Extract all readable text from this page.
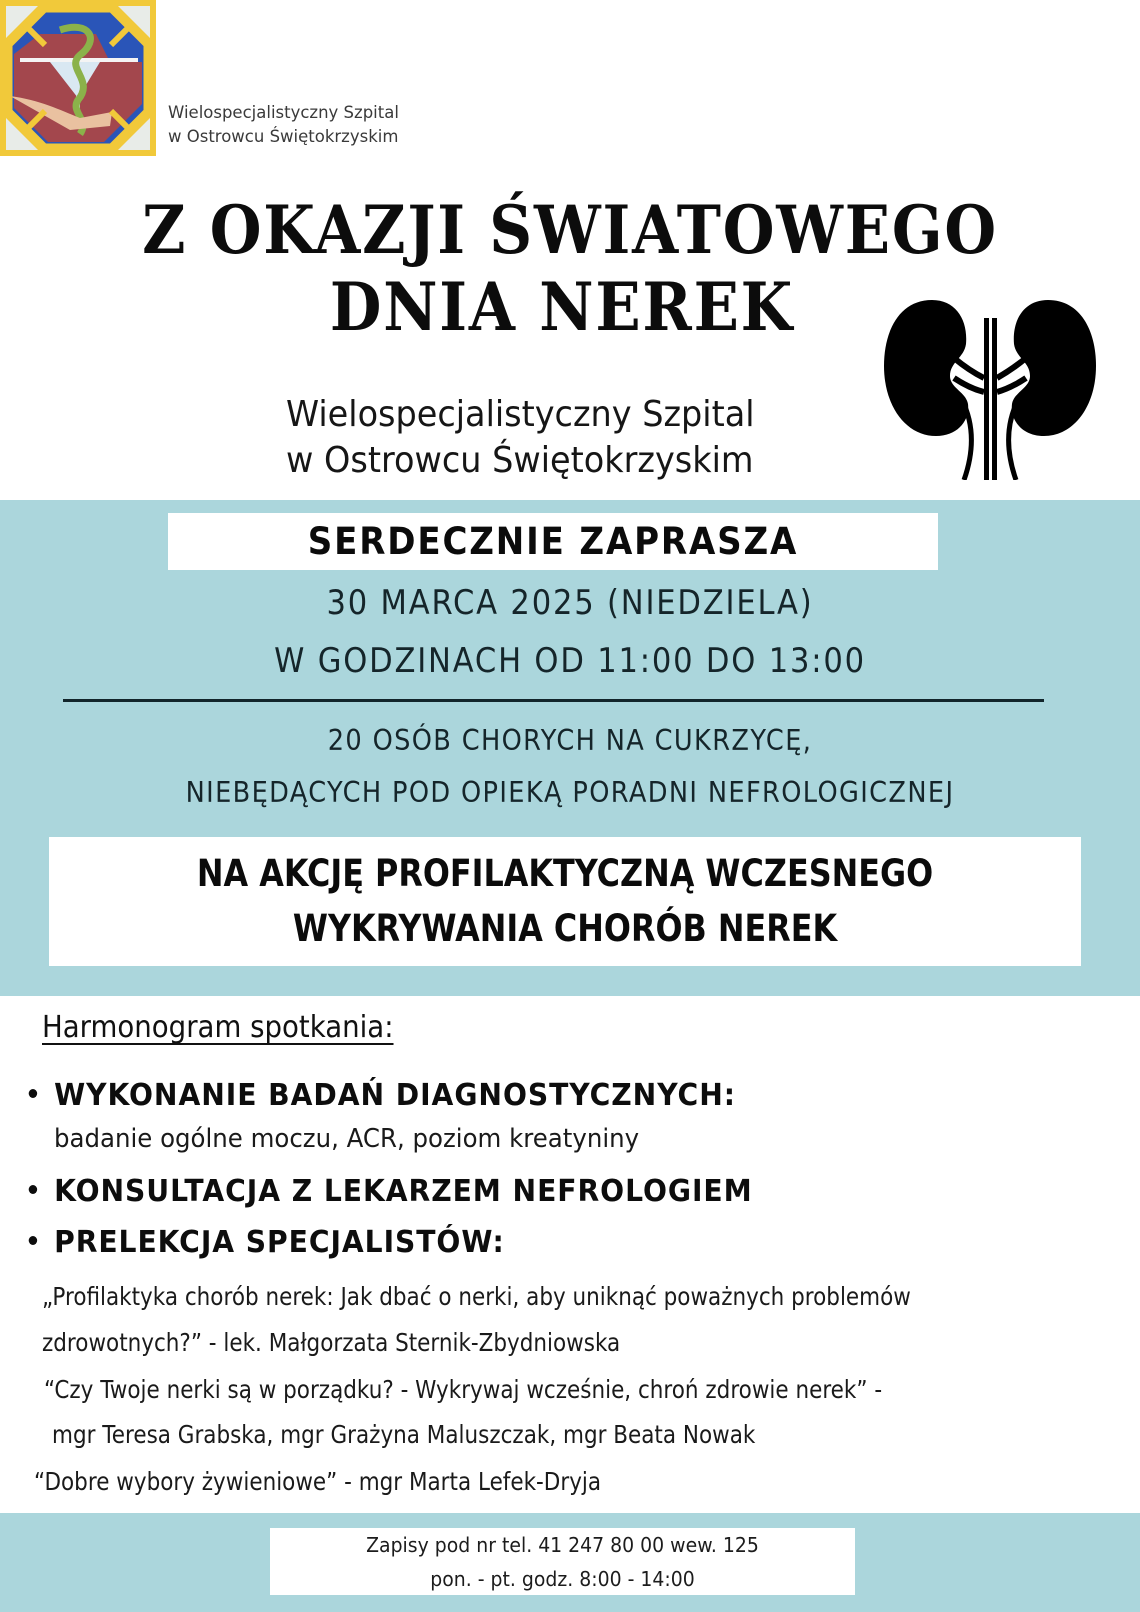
Wielospecjalistyczny Szpital
w Ostrowcu Świętokrzyskim
Z OKAZJI ŚWIATOWEGO
DNIA NEREK
Wielospecjalistyczny Szpital
w Ostrowcu Świętokrzyskim
SERDECZNIE ZAPRASZA
30 MARCA 2025 (NIEDZIELA)
W GODZINACH OD 11:00 DO 13:00
20 OSÓB CHORYCH NA CUKRZYCĘ,
NIEBĘDĄCYCH POD OPIEKĄ PORADNI NEFROLOGICZNEJ
NA AKCJĘ PROFILAKTYCZNĄ WCZESNEGO
WYKRYWANIA CHORÓB NEREK
Harmonogram spotkania:
WYKONANIE BADAŃ DIAGNOSTYCZNYCH:
badanie ogólne moczu, ACR, poziom kreatyniny
KONSULTACJA Z LEKARZEM NEFROLOGIEM
PRELEKCJA SPECJALISTÓW:
„Profilaktyka chorób nerek: Jak dbać o nerki, aby uniknąć poważnych problemów
zdrowotnych?” - lek. Małgorzata Sternik-Zbydniowska
“Czy Twoje nerki są w porządku? - Wykrywaj wcześnie, chroń zdrowie nerek” -
mgr Teresa Grabska, mgr Grażyna Maluszczak, mgr Beata Nowak
“Dobre wybory żywieniowe” - mgr Marta Lefek-Dryja
Zapisy pod nr tel. 41 247 80 00 wew. 125
pon. - pt. godz. 8:00 - 14:00
